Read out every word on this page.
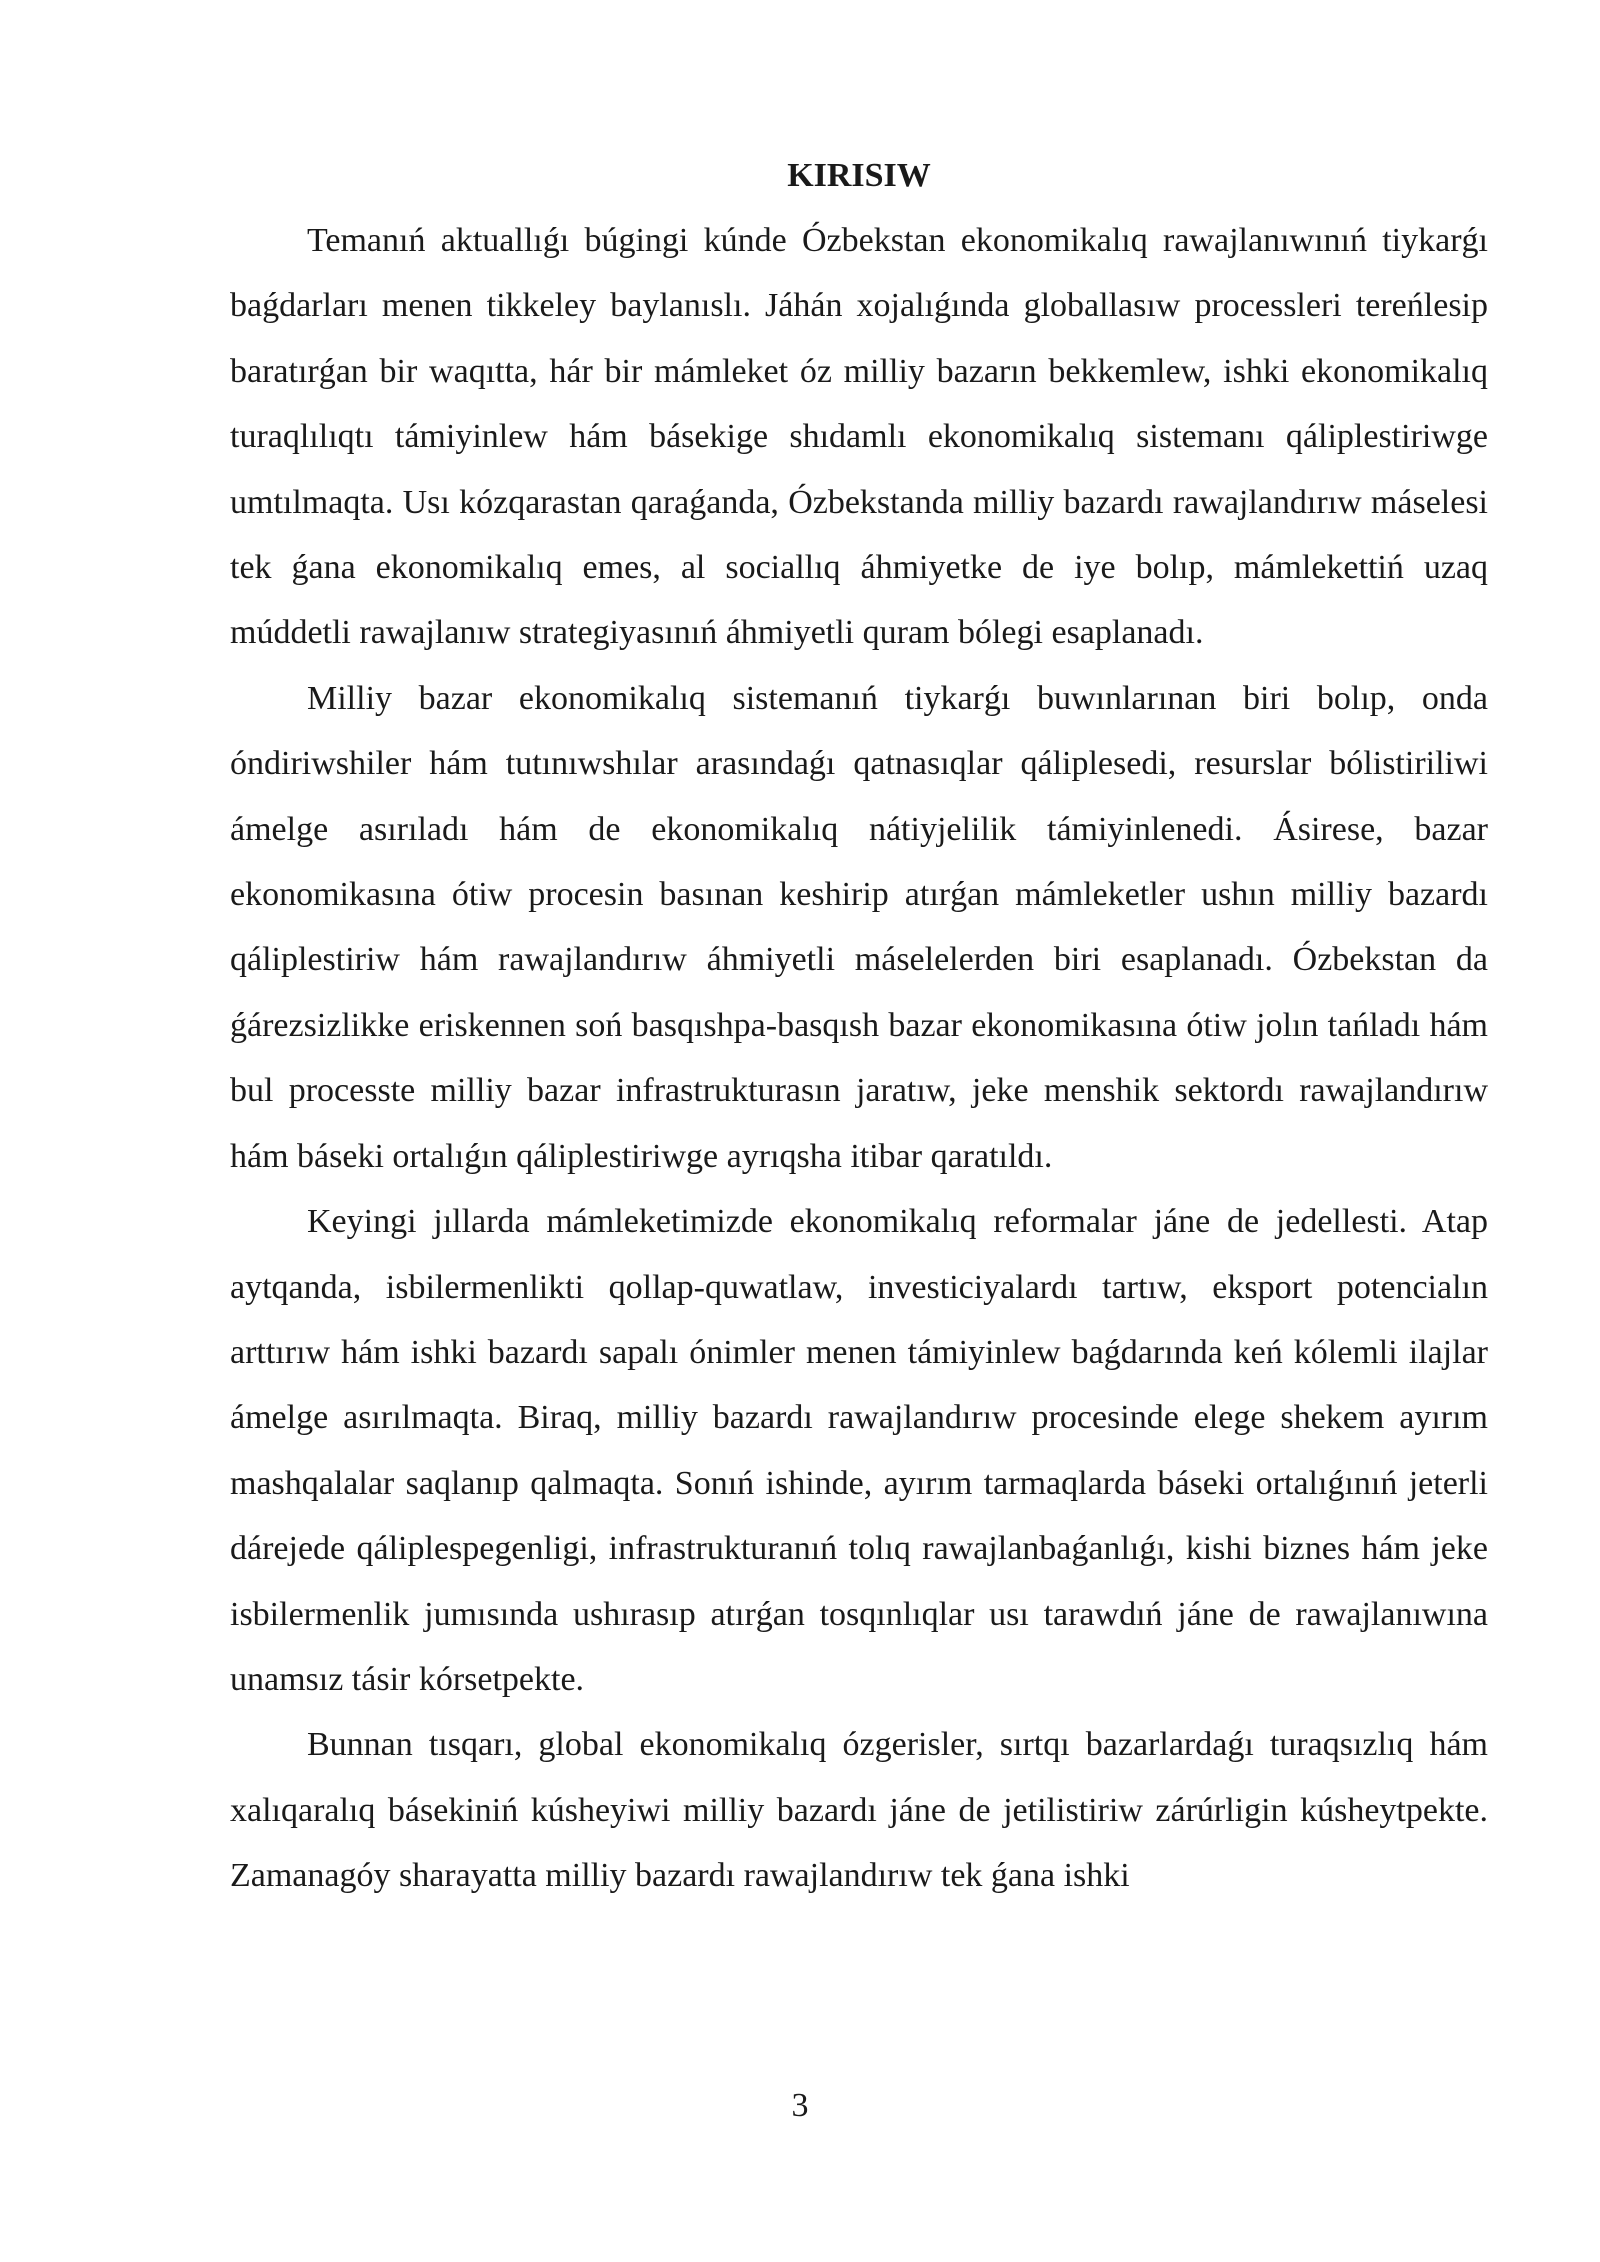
KIRISIW

Temanıń aktuallıǵı búgingi kúnde Ózbekstan ekonomikalıq rawajlanıwınıń tiykarǵı baǵdarları menen tikkeley baylanıslı. Jáhán xojalıǵında globallasıw processleri tereńlesip baratırǵan bir waqıtta, hár bir mámleket óz milliy bazarın bekkemlew, ishki ekonomikalıq turaqlılıqtı támiyinlew hám básekige shıdamlı ekonomikalıq sistemanı qáliplestiriwge umtılmaqta. Usı kózqarastan qaraǵanda, Ózbekstanda milliy bazardı rawajlandırıw máselesi tek ǵana ekonomikalıq emes, al sociallıq áhmiyetke de iye bolıp, mámlekettiń uzaq múddetli rawajlanıw strategiyasınıń áhmiyetli quram bólegi esaplanadı.

Milliy bazar ekonomikalıq sistemanıń tiykarǵı buwınlarınan biri bolıp, onda óndiriwshiler hám tutınıwshılar arasındaǵı qatnasıqlar qáliplesedi, resurslar bólistiriliwi ámelge asırıladı hám de ekonomikalıq nátiyjelilik támiyinlenedi. Ásirese, bazar ekonomikasına ótiw procesin basınan keshirip atırǵan mámleketler ushın milliy bazardı qáliplestiriw hám rawajlandırıw áhmiyetli máselelerden biri esaplanadı. Ózbekstan da ǵárezsizlikke eriskennen soń basqıshpa-basqısh bazar ekonomikasına ótiw jolın tańladı hám bul processte milliy bazar infrastrukturasın jaratıw, jeke menshik sektordı rawajlandırıw hám báseki ortalıǵın qáliplestiriwge ayrıqsha itibar qaratıldı.

Keyingi jıllarda mámleketimizde ekonomikalıq reformalar jáne de jedellesti. Atap aytqanda, isbilermenlikti qollap-quwatlaw, investiciyalardı tartıw, eksport potencialın arttırıw hám ishki bazardı sapalı ónimler menen támiyinlew baǵdarında keń kólemli ilajlar ámelge asırılmaqta. Biraq, milliy bazardı rawajlandırıw procesinde elege shekem ayırım mashqalalar saqlanıp qalmaqta. Sonıń ishinde, ayırım tarmaqlarda báseki ortalıǵınıń jeterli dárejede qáliplespegenligi, infrastrukturanıń tolıq rawajlanbaǵanlıǵı, kishi biznes hám jeke isbilermenlik jumısında ushırasıp atırǵan tosqınlıqlar usı tarawdıń jáne de rawajlanıwına unamsız tásir kórsetpekte.

Bunnan tısqarı, global ekonomikalıq ózgerisler, sırtqı bazarlardaǵı turaqsızlıq hám xalıqaralıq básekiniń kúsheyiwi milliy bazardı jáne de jetilistiriw zárúrligin kúsheytpekte. Zamanagóy sharayatta milliy bazardı rawajlandırıw tek ǵana ishki

3
